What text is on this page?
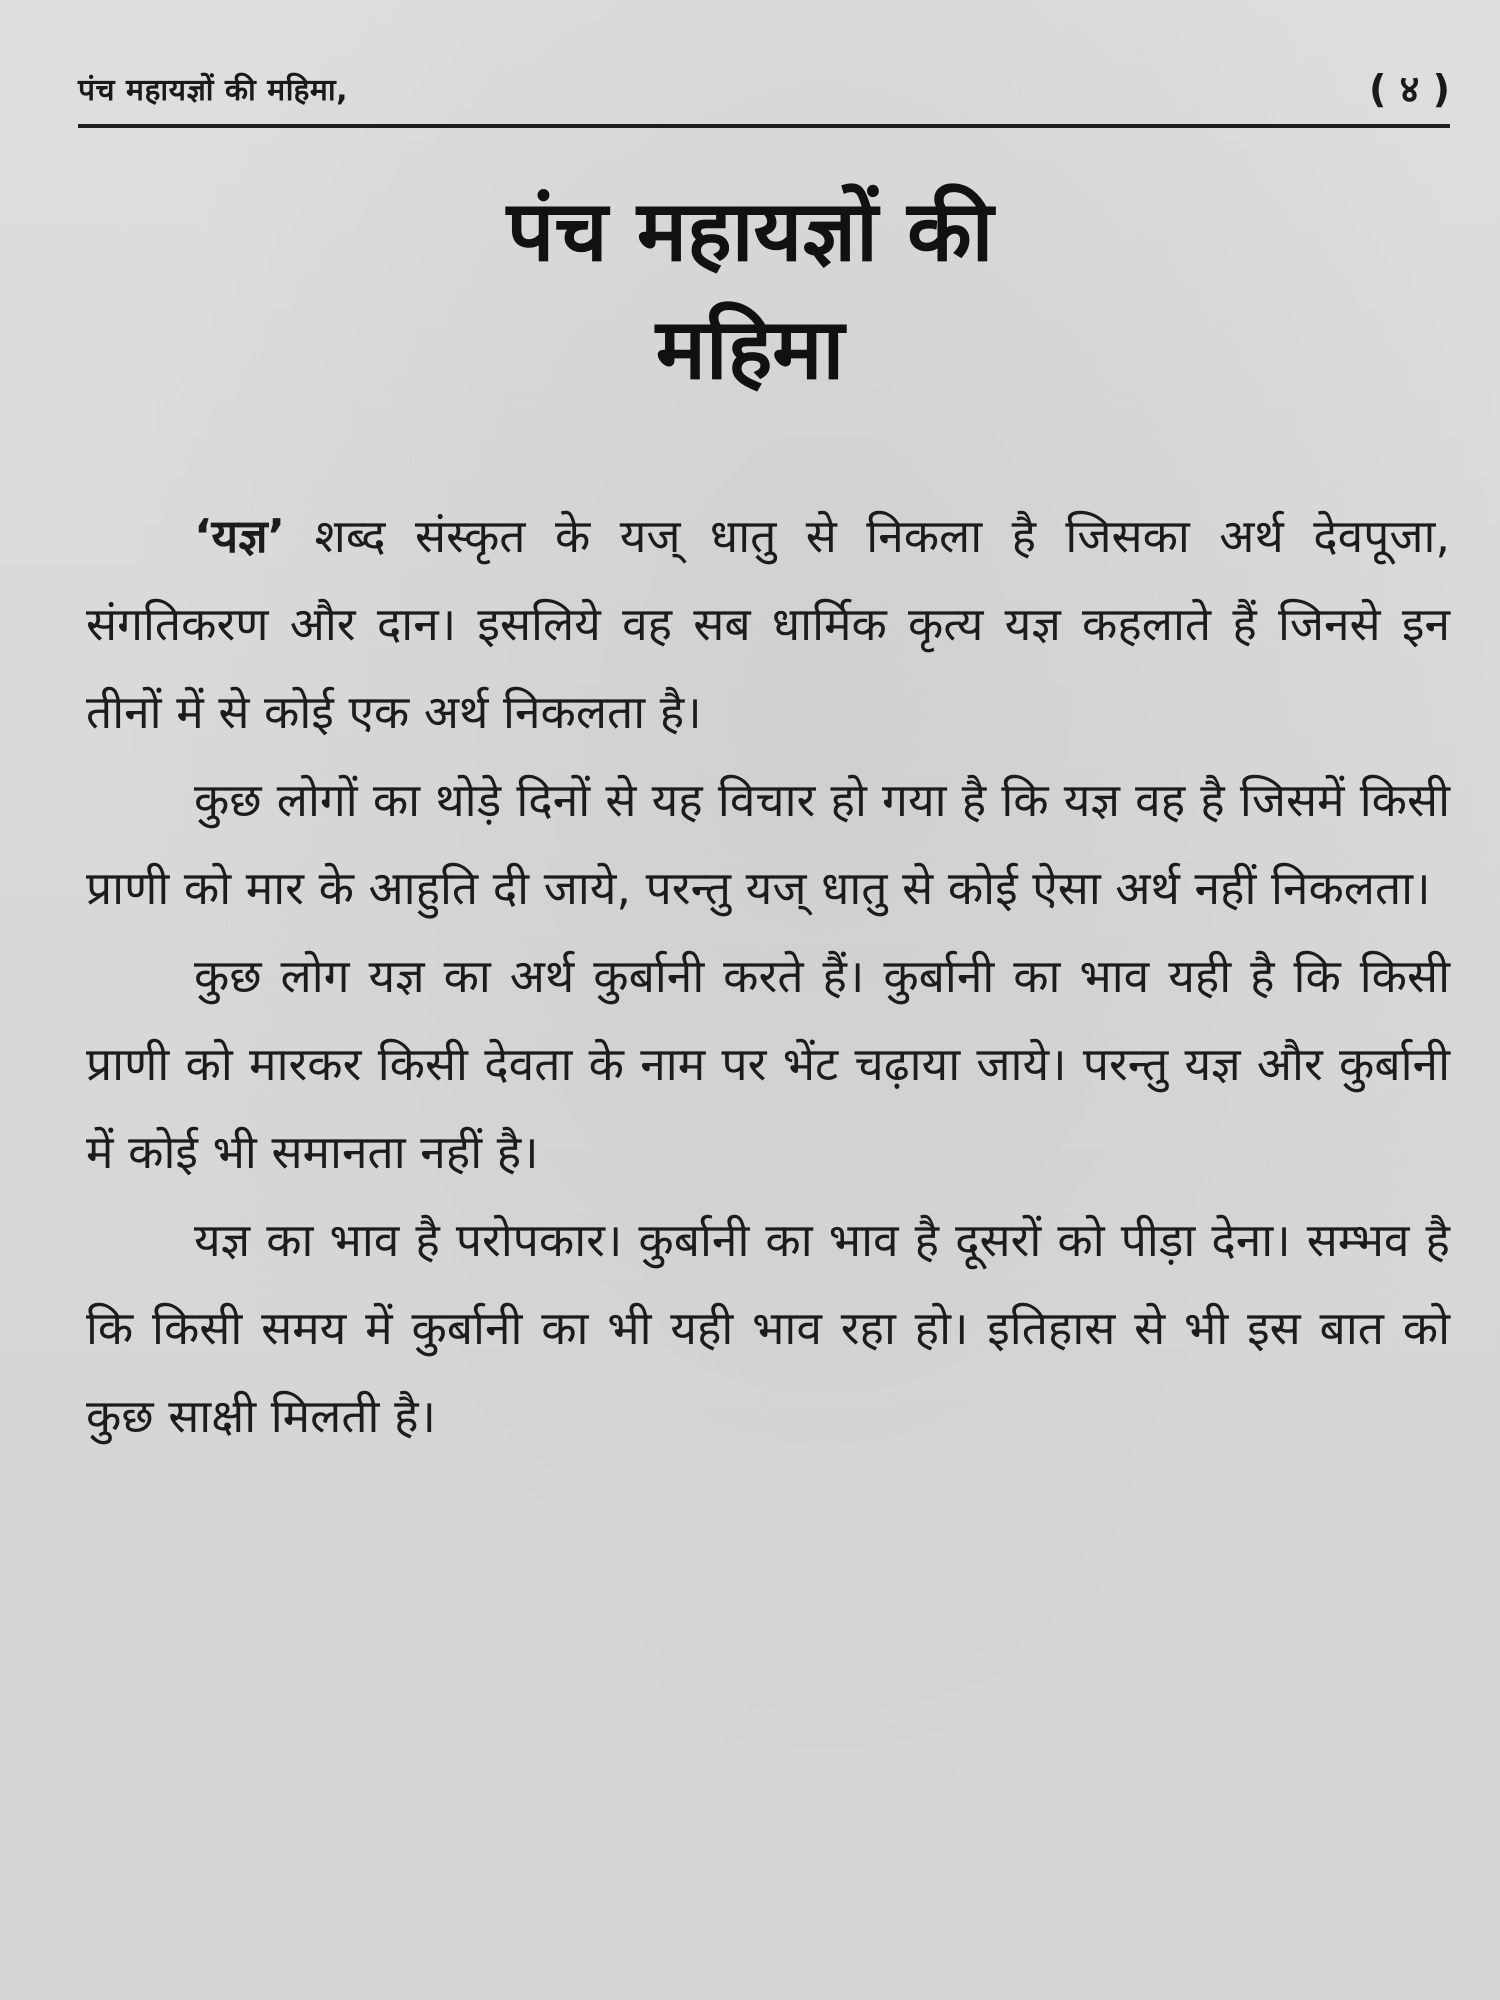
पंच महायज्ञों की महिमा,	( ४ )
पंच महायज्ञों की
महिमा

‘यज्ञ’ शब्द संस्कृत के यज् धातु से निकला है जिसका अर्थ देवपूजा, संगतिकरण और दान। इसलिये वह सब धार्मिक कृत्य यज्ञ कहलाते हैं जिनसे इन तीनों में से कोई एक अर्थ निकलता है।

कुछ लोगों का थोड़े दिनों से यह विचार हो गया है कि यज्ञ वह है जिसमें किसी प्राणी को मार के आहुति दी जाये, परन्तु यज् धातु से कोई ऐसा अर्थ नहीं निकलता।

कुछ लोग यज्ञ का अर्थ कुर्बानी करते हैं। कुर्बानी का भाव यही है कि किसी प्राणी को मारकर किसी देवता के नाम पर भेंट चढ़ाया जाये। परन्तु यज्ञ और कुर्बानी में कोई भी समानता नहीं है।

यज्ञ का भाव है परोपकार। कुर्बानी का भाव है दूसरों को पीड़ा देना। सम्भव है कि किसी समय में कुर्बानी का भी यही भाव रहा हो। इतिहास से भी इस बात को कुछ साक्षी मिलती है।
